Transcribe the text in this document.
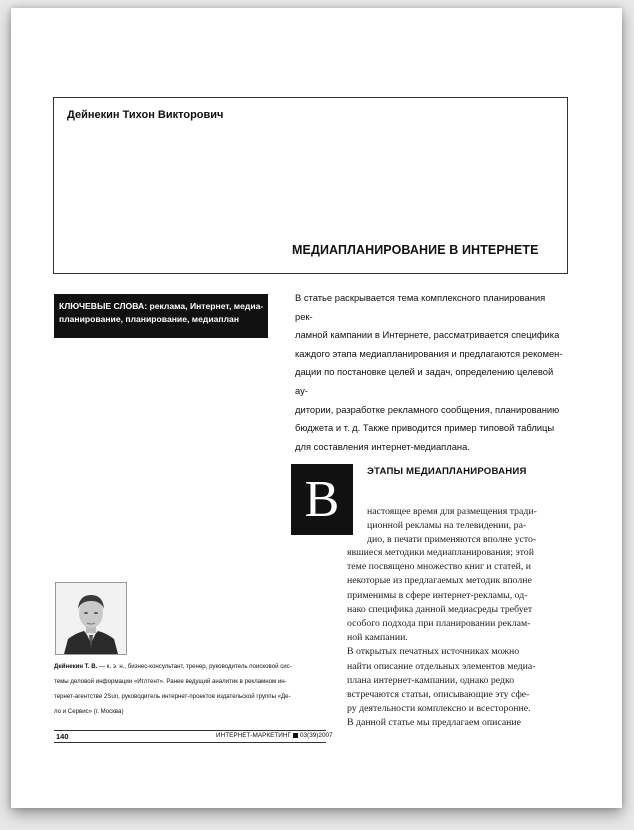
Дейнекин Тихон Викторович
МЕДИАПЛАНИРОВАНИЕ В ИНТЕРНЕТЕ
КЛЮЧЕВЫЕ СЛОВА: реклама, Интернет, медиа-
планирование, планирование, медиаплан
В статье раскрывается тема комплексного планирования рек-
ламной кампании в Интернете, рассматривается специфика
каждого этапа медиапланирования и предлагаются рекомен-
дации по постановке целей и задач, определению целевой ау-
дитории, разработке рекламного сообщения, планированию
бюджета и т. д. Также приводится пример типовой таблицы
для составления интернет-медиаплана.
В	ЭТАПЫ МЕДИАПЛАНИРОВАНИЯ
настоящее время для размещения тради-
ционной рекламы на телевидении, ра-
дио, в печати применяются вполне усто-
явшиеся методики медиапланирования; этой
теме посвящено множество книг и статей, и
некоторые из предлагаемых методик вполне
применимы в сфере интернет-рекламы, од-
нако специфика данной медиасреды требует
особого подхода при планировании реклам-
ной кампании.
В открытых печатных источниках можно
найти описание отдельных элементов медиа-
плана интернет-кампании, однако редко
встречаются статьи, описывающие эту сфе-
ру деятельности комплексно и всесторонне.
В данной статье мы предлагаем описание
Дейнекин Т. В. — к. э. н., бизнес-консультант, тренер, руководитель поисковой сис-
темы деловой информации «Иглтент». Ранее ведущий аналитик в рекламном ин-
тернет-агентстве 2Sun, руководитель интернет-проектов издательской группы «Де-
ло и Сервис» (г. Москва)
140	ИНТЕРНЕТ-МАРКЕТИНГ 03(39)2007
